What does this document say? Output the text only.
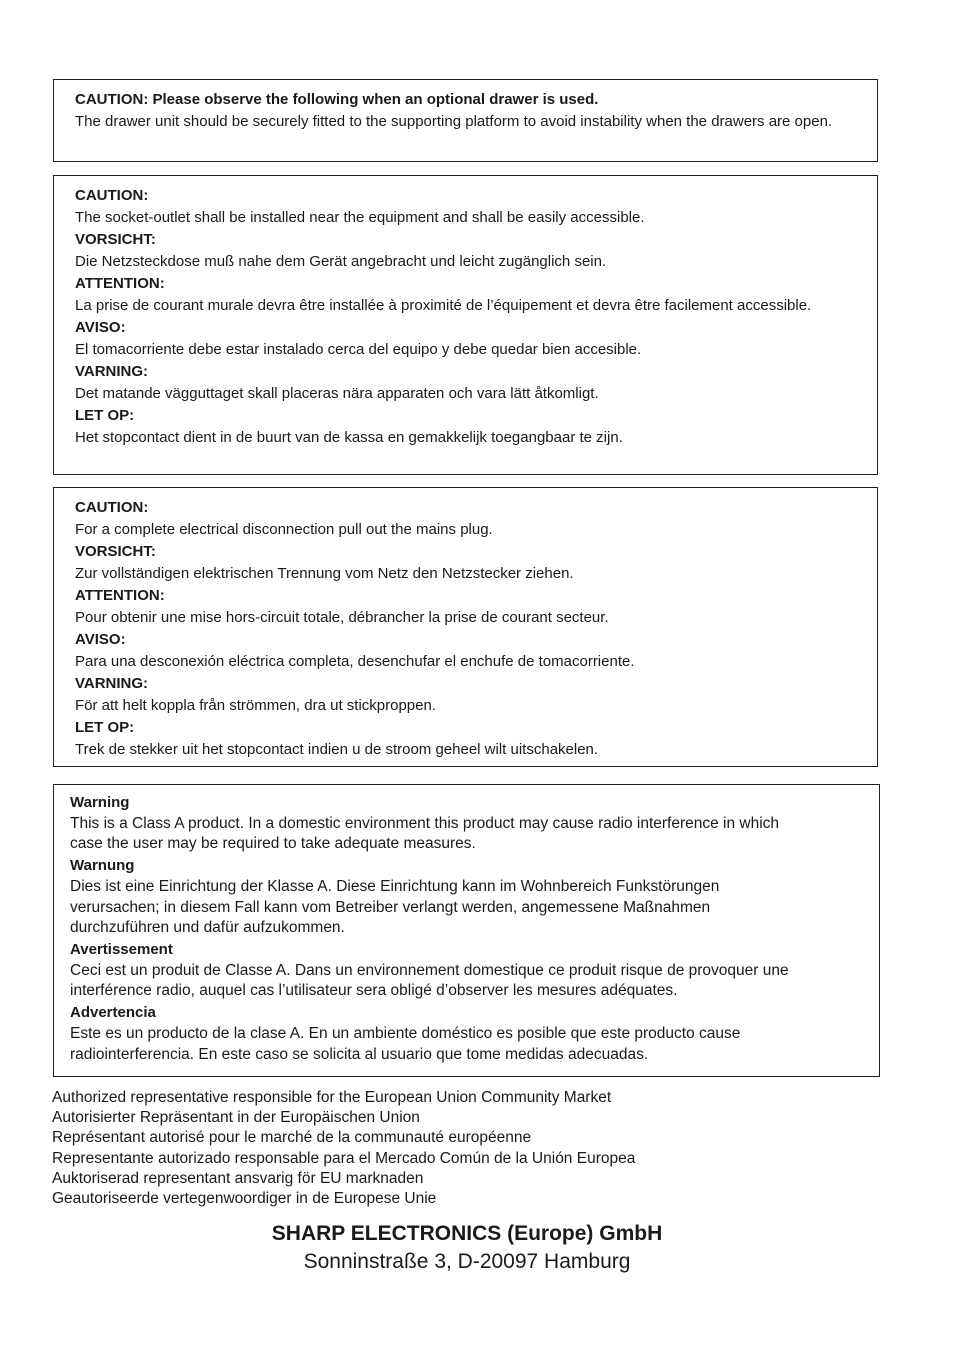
CAUTION: Please observe the following when an optional drawer is used.

The drawer unit should be securely fitted to the supporting platform to avoid instability when the drawers are open.

CAUTION:

The socket-outlet shall be installed near the equipment and shall be easily accessible.

VORSICHT:

Die Netzsteckdose muß nahe dem Gerät angebracht und leicht zugänglich sein.

ATTENTION:

La prise de courant murale devra être installée à proximité de l’équipement et devra être facilement accessible.

AVISO:

El tomacorriente debe estar instalado cerca del equipo y debe quedar bien accesible.

VARNING:

Det matande vägguttaget skall placeras nära apparaten och vara lätt åtkomligt.

LET OP:

Het stopcontact dient in de buurt van de kassa en gemakkelijk toegangbaar te zijn.

CAUTION:

For a complete electrical disconnection pull out the mains plug.

VORSICHT:

Zur vollständigen elektrischen Trennung vom Netz den Netzstecker ziehen.

ATTENTION:

Pour obtenir une mise hors-circuit totale, débrancher la prise de courant secteur.

AVISO:

Para una desconexión eléctrica completa, desenchufar el enchufe de tomacorriente.

VARNING:

För att helt koppla från strömmen, dra ut stickproppen.

LET OP:

Trek de stekker uit het stopcontact indien u de stroom geheel wilt uitschakelen.

Warning

This is a Class A product. In a domestic environment this product may cause radio interference in which
case the user may be required to take adequate measures.

Warnung

Dies ist eine Einrichtung der Klasse A. Diese Einrichtung kann im Wohnbereich Funkstörungen
verursachen; in diesem Fall kann vom Betreiber verlangt werden, angemessene Maßnahmen
durchzuführen und dafür aufzukommen.

Avertissement

Ceci est un produit de Classe A. Dans un environnement domestique ce produit risque de provoquer une
interférence radio, auquel cas l’utilisateur sera obligé d’observer les mesures adéquates.

Advertencia

Este es un producto de la clase A. En un ambiente doméstico es posible que este producto cause
radiointerferencia. En este caso se solicita al usuario que tome medidas adecuadas.

Authorized representative responsible for the European Union Community Market
Autorisierter Repräsentant in der Europäischen Union
Représentant autorisé pour le marché de la communauté européenne
Representante autorizado responsable para el Mercado Común de la Unión Europea
Auktoriserad representant ansvarig för EU marknaden
Geautoriseerde vertegenwoordiger in de Europese Unie
SHARP ELECTRONICS (Europe) GmbH
Sonninstraße 3, D-20097 Hamburg
